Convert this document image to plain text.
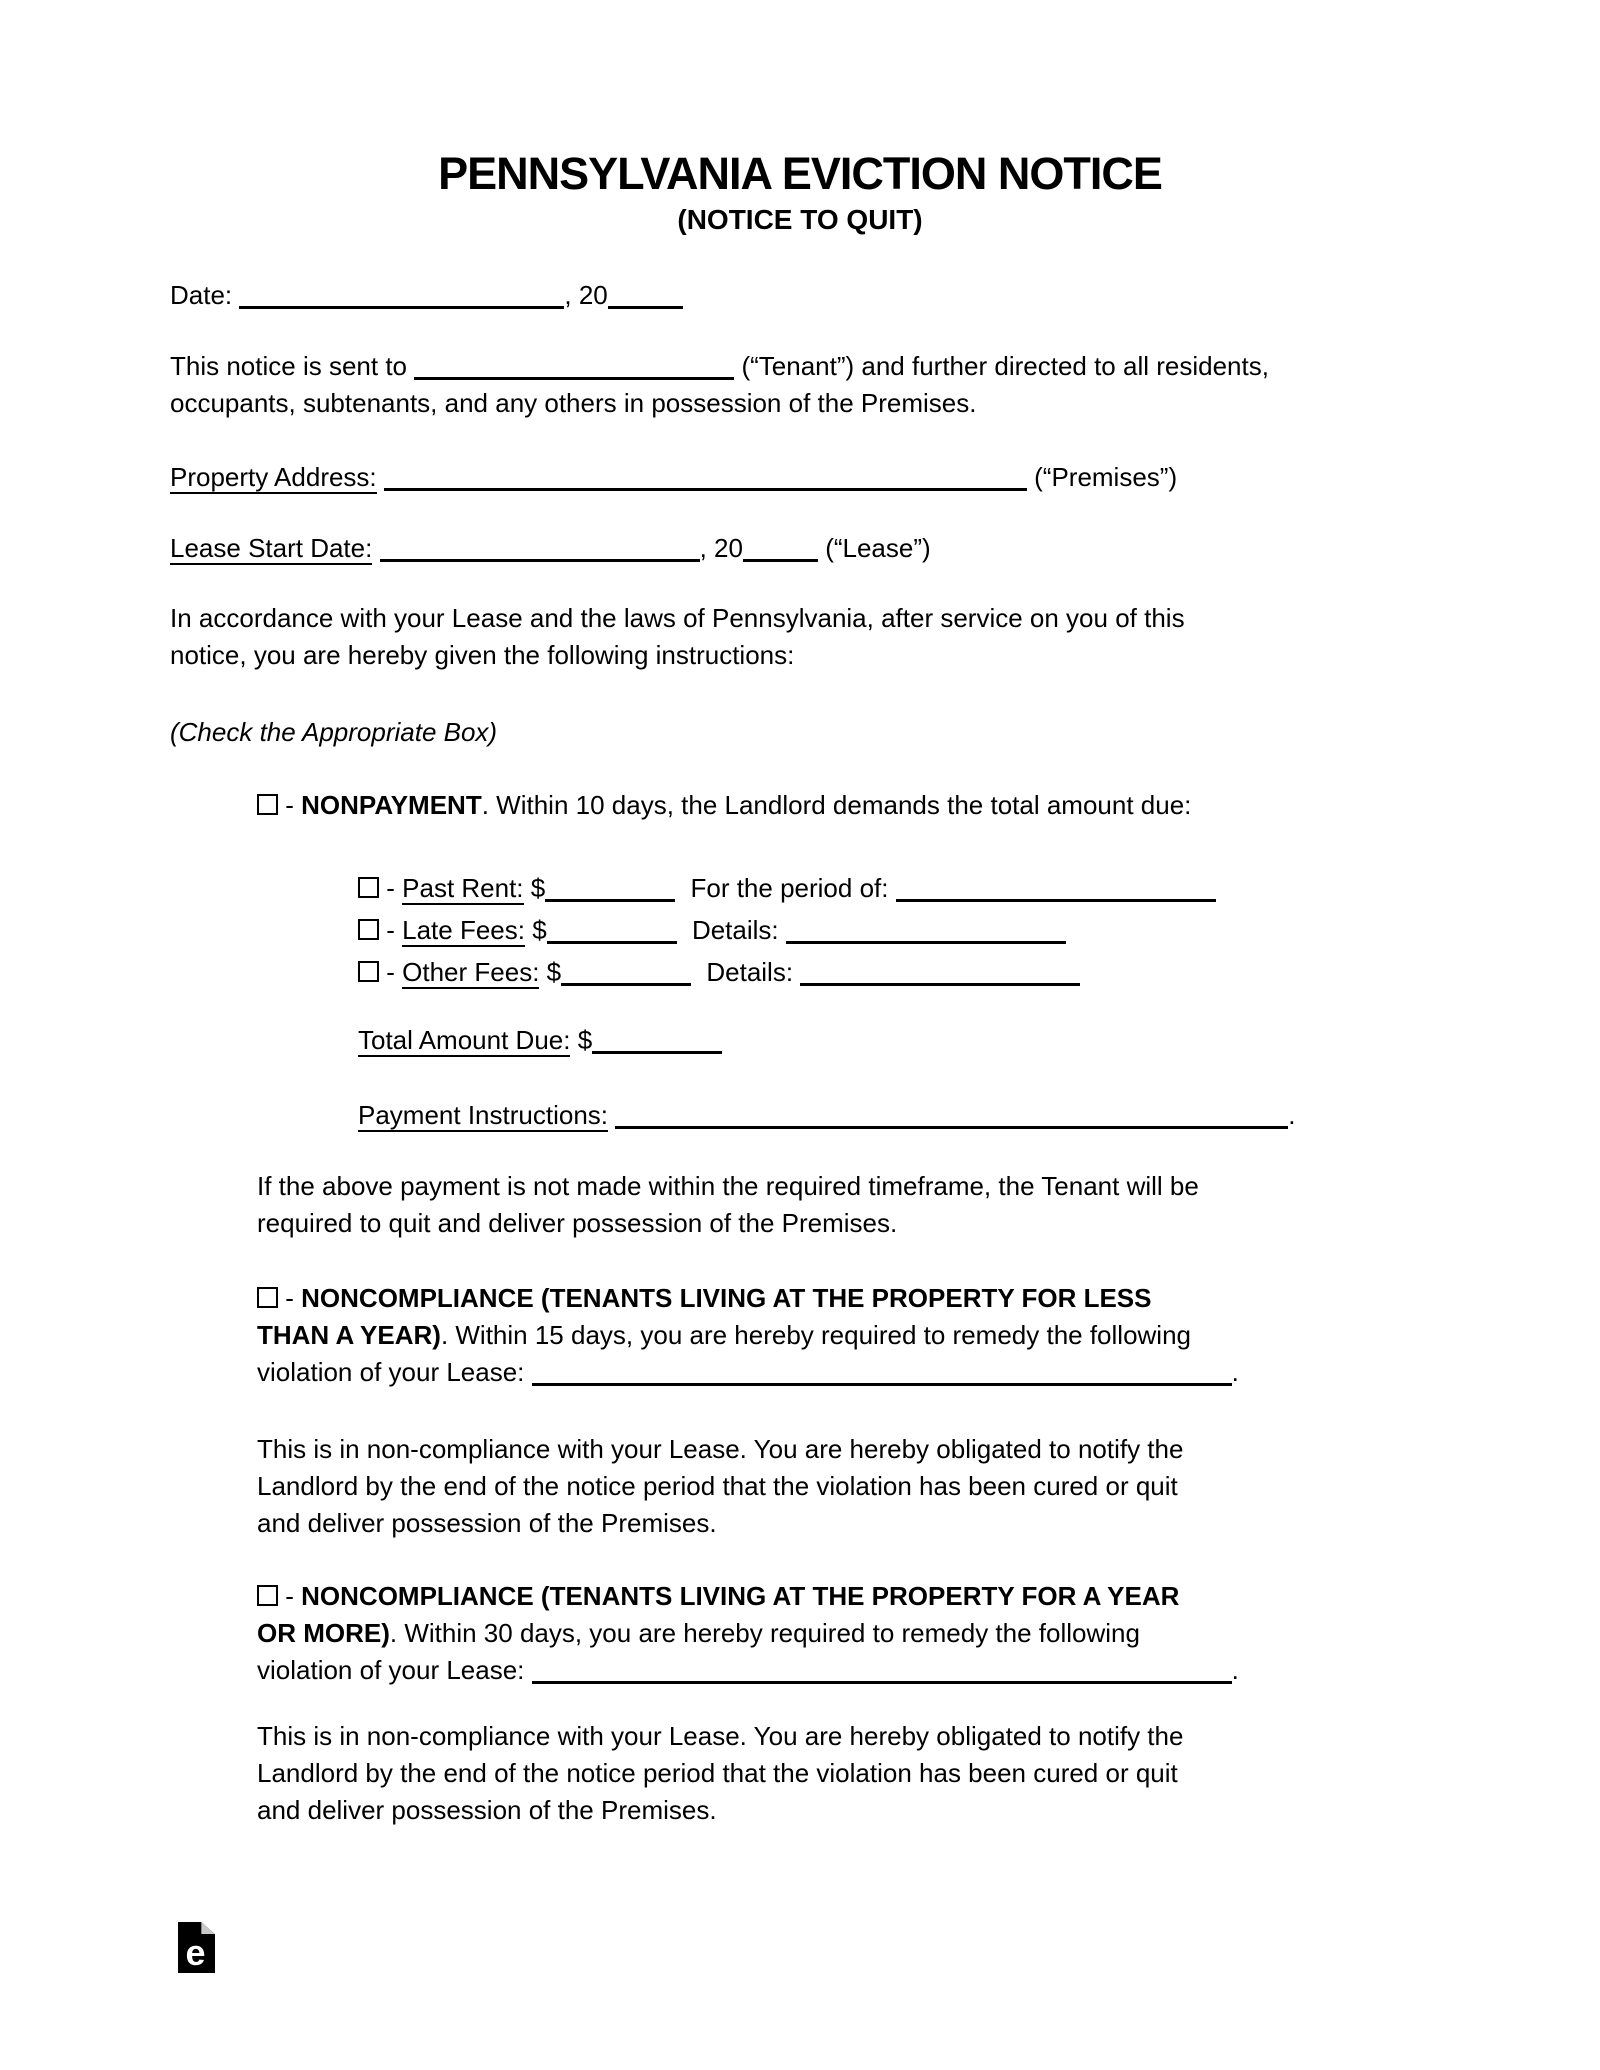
PENNSYLVANIA EVICTION NOTICE
(NOTICE TO QUIT)
Date:	, 20
This notice is sent to	(“Tenant”) and further directed to all residents,
occupants, subtenants, and any others in possession of the Premises.
Property Address:	(“Premises”)
Lease Start Date:	, 20	(“Lease”)
In accordance with your Lease and the laws of Pennsylvania, after service on you of this
notice, you are hereby given the following instructions:
(Check the Appropriate Box)
- NONPAYMENT. Within 10 days, the Landlord demands the total amount due:
- Past Rent: $	For the period of:
- Late Fees: $	Details:
- Other Fees: $	Details:
Total Amount Due: $
Payment Instructions:	.
If the above payment is not made within the required timeframe, the Tenant will be
required to quit and deliver possession of the Premises.
- NONCOMPLIANCE (TENANTS LIVING AT THE PROPERTY FOR LESS
THAN A YEAR). Within 15 days, you are hereby required to remedy the following
violation of your Lease:	.
This is in non-compliance with your Lease. You are hereby obligated to notify the
Landlord by the end of the notice period that the violation has been cured or quit
and deliver possession of the Premises.
- NONCOMPLIANCE (TENANTS LIVING AT THE PROPERTY FOR A YEAR
OR MORE). Within 30 days, you are hereby required to remedy the following
violation of your Lease:	.
This is in non-compliance with your Lease. You are hereby obligated to notify the
Landlord by the end of the notice period that the violation has been cured or quit
and deliver possession of the Premises.
e
